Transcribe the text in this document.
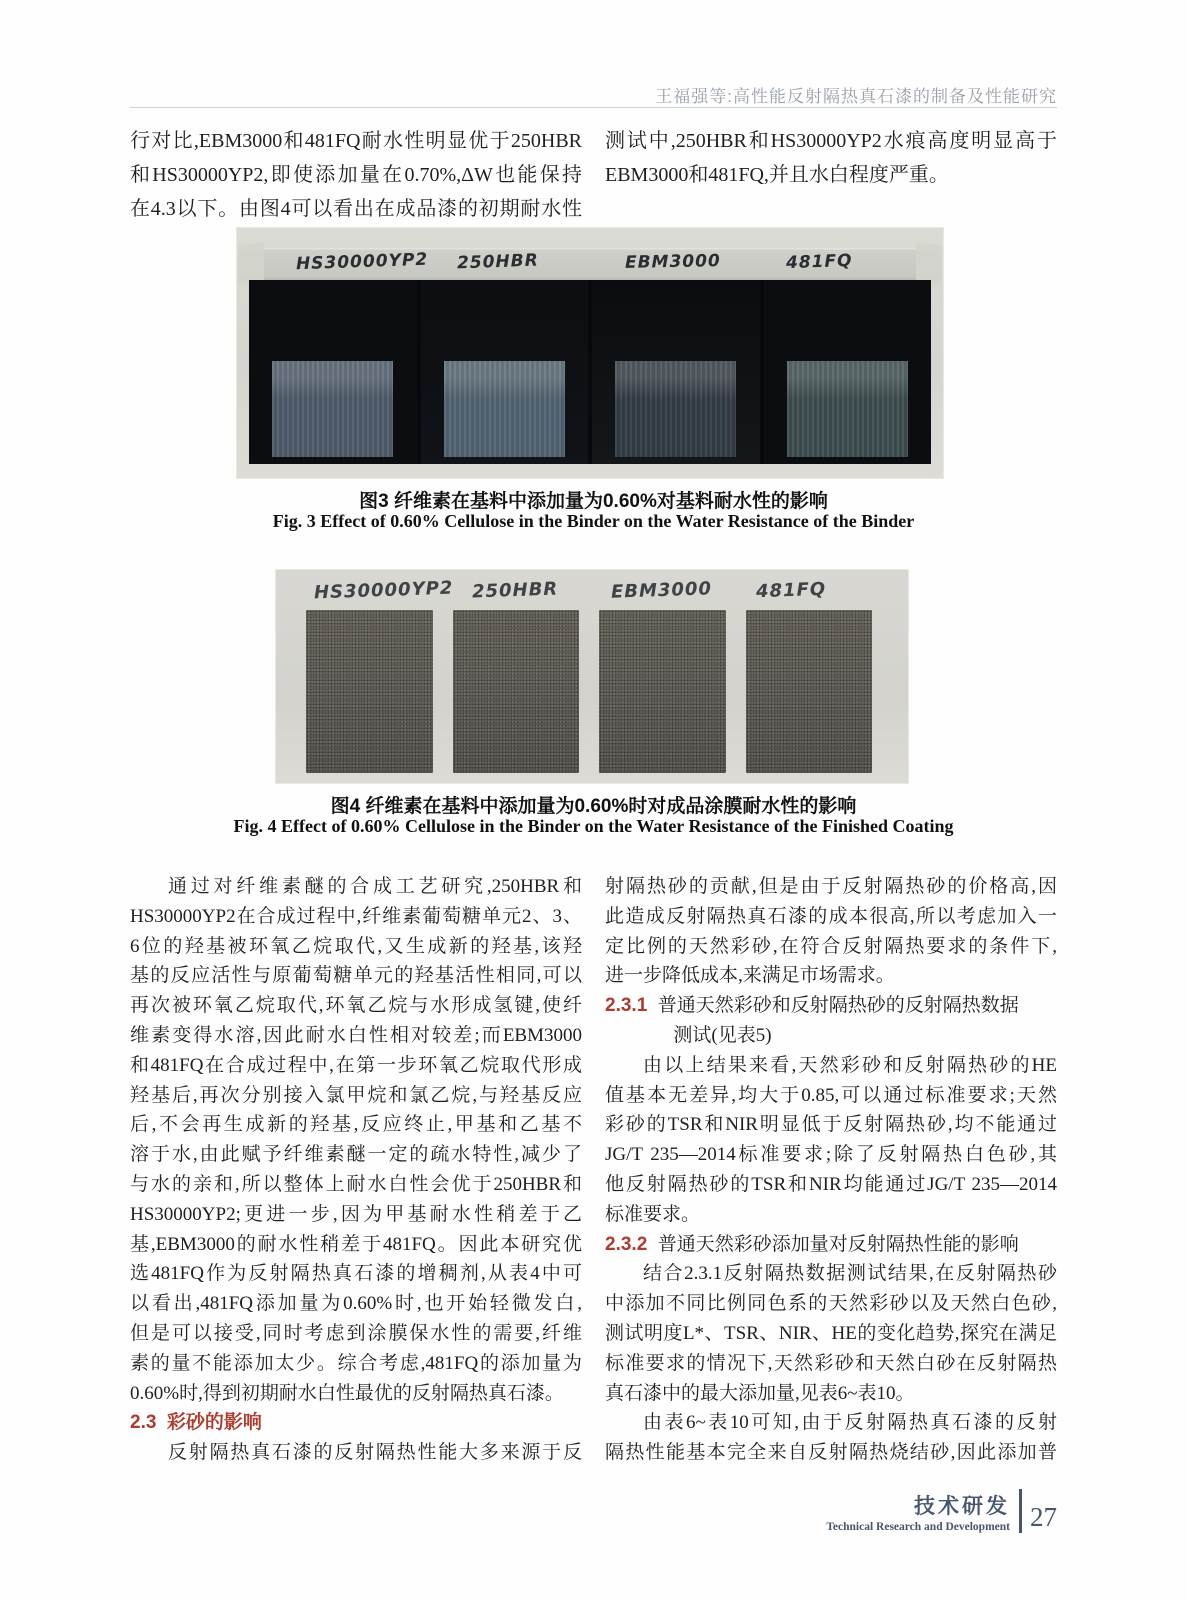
王福强等:高性能反射隔热真石漆的制备及性能研究
行对比,EBM3000和481FQ耐水性明显优于250HBR
和HS30000YP2,即使添加量在0.70%,ΔW也能保持
在4.3以下。由图4可以看出在成品漆的初期耐水性
测试中,250HBR和HS30000YP2水痕高度明显高于
EBM3000和481FQ,并且水白程度严重。
HS30000YP2 250HBR	EBM3000	481FQ
图3 纤维素在基料中添加量为0.60%对基料耐水性的影响
Fig. 3 Effect of 0.60% Cellulose in the Binder on the Water Resistance of the Binder
HS30000YP2 250HBR	EBM3000 481FQ
图4 纤维素在基料中添加量为0.60%时对成品涂膜耐水性的影响
Fig. 4 Effect of 0.60% Cellulose in the Binder on the Water Resistance of the Finished Coating
通过对纤维素醚的合成工艺研究,250HBR和
HS30000YP2在合成过程中,纤维素葡萄糖单元2、3、
6位的羟基被环氧乙烷取代,又生成新的羟基,该羟
基的反应活性与原葡萄糖单元的羟基活性相同,可以
再次被环氧乙烷取代,环氧乙烷与水形成氢键,使纤
维素变得水溶,因此耐水白性相对较差;而EBM3000
和481FQ在合成过程中,在第一步环氧乙烷取代形成
羟基后,再次分别接入氯甲烷和氯乙烷,与羟基反应
后,不会再生成新的羟基,反应终止,甲基和乙基不
溶于水,由此赋予纤维素醚一定的疏水特性,减少了
与水的亲和,所以整体上耐水白性会优于250HBR和
HS30000YP2;更进一步,因为甲基耐水性稍差于乙
基,EBM3000的耐水性稍差于481FQ。因此本研究优
选481FQ作为反射隔热真石漆的增稠剂,从表4中可
以看出,481FQ添加量为0.60%时,也开始轻微发白,
但是可以接受,同时考虑到涂膜保水性的需要,纤维
素的量不能添加太少。综合考虑,481FQ的添加量为
0.60%时,得到初期耐水白性最优的反射隔热真石漆。
2.3 彩砂的影响
反射隔热真石漆的反射隔热性能大多来源于反
射隔热砂的贡献,但是由于反射隔热砂的价格高,因
此造成反射隔热真石漆的成本很高,所以考虑加入一
定比例的天然彩砂,在符合反射隔热要求的条件下,
进一步降低成本,来满足市场需求。
2.3.1 普通天然彩砂和反射隔热砂的反射隔热数据
测试(见表5)
由以上结果来看,天然彩砂和反射隔热砂的HE
值基本无差异,均大于0.85,可以通过标准要求;天然
彩砂的TSR和NIR明显低于反射隔热砂,均不能通过
JG/T 235—2014标准要求;除了反射隔热白色砂,其
他反射隔热砂的TSR和NIR均能通过JG/T 235—2014
标准要求。
2.3.2 普通天然彩砂添加量对反射隔热性能的影响
结合2.3.1反射隔热数据测试结果,在反射隔热砂
中添加不同比例同色系的天然彩砂以及天然白色砂,
测试明度L*、TSR、NIR、HE的变化趋势,探究在满足
标准要求的情况下,天然彩砂和天然白砂在反射隔热
真石漆中的最大添加量,见表6~表10。
由表6~表10可知,由于反射隔热真石漆的反射
隔热性能基本完全来自反射隔热烧结砂,因此添加普
技术研发
Technical Research and Development 27
